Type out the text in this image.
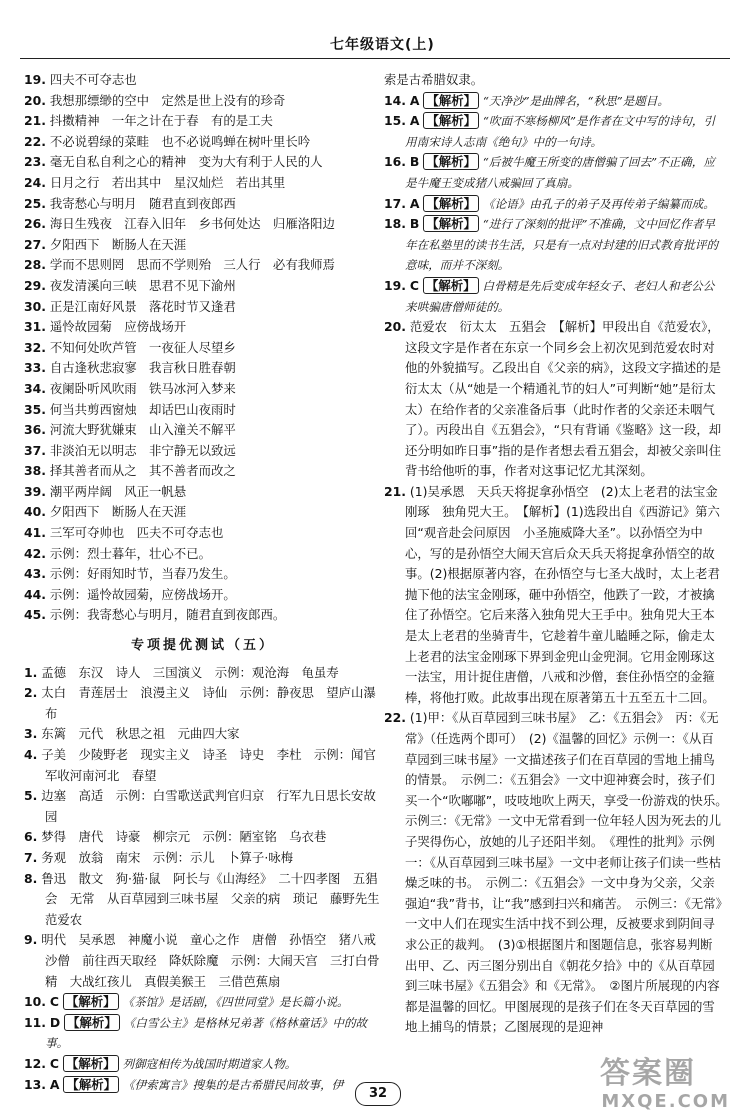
七年级语文(上)
19. 四夫不可夺志也
20. 我想那缥缈的空中　定然是世上没有的珍奇
21. 抖擞精神　一年之计在于春　有的是工夫
22. 不必说碧绿的菜畦　也不必说鸣蝉在树叶里长吟
23. 毫无自私自利之心的精神　变为大有利于人民的人
24. 日月之行　若出其中　星汉灿烂　若出其里
25. 我寄愁心与明月　随君直到夜郎西
26. 海日生残夜　江春入旧年　乡书何处达　归雁洛阳边
27. 夕阳西下　断肠人在天涯
28. 学而不思则罔　思而不学则殆　三人行　必有我师焉
29. 夜发清溪向三峡　思君不见下渝州
30. 正是江南好风景　落花时节又逢君
31. 遥怜故园菊　应傍战场开
32. 不知何处吹芦管　一夜征人尽望乡
33. 自古逢秋悲寂寥　我言秋日胜春朝
34. 夜阑卧听风吹雨　铁马冰河入梦来
35. 何当共剪西窗烛　却话巴山夜雨时
36. 河流大野犹嫌束　山入潼关不解平
37. 非淡泊无以明志　非宁静无以致远
38. 择其善者而从之　其不善者而改之
39. 潮平两岸阔　风正一帆悬
40. 夕阳西下　断肠人在天涯
41. 三军可夺帅也　匹夫不可夺志也
42. 示例：烈士暮年，壮心不已。
43. 示例：好雨知时节，当春乃发生。
44. 示例：遥怜故园菊，应傍战场开。
45. 示例：我寄愁心与明月，随君直到夜郎西。
专项提优测试（五）
1. 孟德　东汉　诗人　三国演义　示例：观沧海　龟虽寿
2. 太白　青莲居士　浪漫主义　诗仙　示例：静夜思　望庐山瀑布
3. 东篱　元代　秋思之祖　元曲四大家
4. 子美　少陵野老　现实主义　诗圣　诗史　李杜　示例：闻官军收河南河北　春望
5. 边塞　高适　示例：白雪歌送武判官归京　行军九日思长安故园
6. 梦得　唐代　诗豪　柳宗元　示例：陋室铭　乌衣巷
7. 务观　放翁　南宋　示例：示儿　卜算子·咏梅
8. 鲁迅　散文　狗·猫·鼠　阿长与《山海经》　二十四孝图　五猖会　无常　从百草园到三味书屋　父亲的病　琐记　藤野先生　范爱农
9. 明代　吴承恩　神魔小说　童心之作　唐僧　孙悟空　猪八戒　沙僧　前往西天取经　降妖除魔　示例：大闹天宫　三打白骨精　大战红孩儿　真假美猴王　三借芭蕉扇
10. C 【解析】 《茶馆》是话剧，《四世同堂》是长篇小说。
11. D 【解析】 《白雪公主》是格林兄弟著《格林童话》中的故事。
12. C 【解析】 列御寇相传为战国时期道家人物。
13. A 【解析】 《伊索寓言》搜集的是古希腊民间故事，伊
索是古希腊奴隶。
14. A 【解析】 “天净沙”是曲牌名，“秋思”是题目。
15. A 【解析】 “吹面不寒杨柳风”是作者在文中写的诗句，引用南宋诗人志南《绝句》中的一句诗。
16. B 【解析】 “后被牛魔王所变的唐僧骗了回去”不正确，应是牛魔王变成猪八戒骗回了真扇。
17. A 【解析】 《论语》由孔子的弟子及再传弟子编纂而成。
18. B 【解析】 “进行了深刻的批评”不准确，文中回忆作者早年在私塾里的读书生活，只是有一点对封建的旧式教育批评的意味，而并不深刻。
19. C 【解析】 白骨精是先后变成年轻女子、老妇人和老公公来哄骗唐僧师徒的。
20. 范爱农　衍太太　五猖会　【解析】甲段出自《范爱农》，这段文字是作者在东京一个同乡会上初次见到范爱农时对他的外貌描写。乙段出自《父亲的病》，这段文字描述的是衍太太（从“她是一个精通礼节的妇人”可判断“她”是衍太太）在给作者的父亲准备后事（此时作者的父亲还未咽气了）。丙段出自《五猖会》，“只有背诵《鉴略》这一段，却还分明如昨日事”指的是作者想去看五猖会，却被父亲叫住背书给他听的事，作者对这事记忆尤其深刻。
21. (1)吴承恩　天兵天将捉拿孙悟空　(2)太上老君的法宝金刚琢　独角兕大王。　【解析】(1)选段出自《西游记》第六回“观音赴会问原因　小圣施威降大圣”。以孙悟空为中心，写的是孙悟空大闹天宫后众天兵天将捉拿孙悟空的故事。(2)根据原著内容，在孙悟空与七圣大战时，太上老君抛下他的法宝金刚琢，砸中孙悟空，他跌了一跤，才被擒住了孙悟空。它后来落入独角兕大王手中。独角兕大王本是太上老君的坐骑青牛，它趁着牛童儿瞌睡之际，偷走太上老君的法宝金刚琢下界到金兜山金兜洞。它用金刚琢这一法宝，用计捉住唐僧，八戒和沙僧，套住孙悟空的金箍棒，将他打败。此故事出现在原著第五十五至五十二回。
22. (1)甲：《从百草园到三味书屋》　乙：《五猖会》　丙：《无常》（任选两个即可）　(2)《温馨的回忆》示例一：《从百草园到三味书屋》一文描述孩子们在百草园的雪地上捕鸟的情景。　示例二：《五猖会》一文中迎神赛会时，孩子们买一个“吹嘟嘟”，吱吱地吹上两天，享受一份游戏的快乐。　示例三：《无常》一文中无常看到一位年轻人因为死去的儿子哭得伤心，放她的儿子还阳半刻。　《理性的批判》示例一：《从百草园到三味书屋》一文中老师让孩子们读一些枯燥乏味的书。　示例二：《五猖会》一文中身为父亲，父亲强迫“我”背书，让“我”感到扫兴和痛苦。　示例三：《无常》一文中人们在现实生活中找不到公理，反被要求到阴间寻求公正的裁判。　(3)①根据图片和图题信息，张容易判断出甲、乙、丙三图分别出自《朝花夕拾》中的《从百草园到三味书屋》《五猖会》和《无常》。　②图片所展现的内容都是温馨的回忆。甲图展现的是孩子们在冬天百草园的雪地上捕鸟的情景；乙图展现的是迎神
32
答案圈
MXQE.COM
